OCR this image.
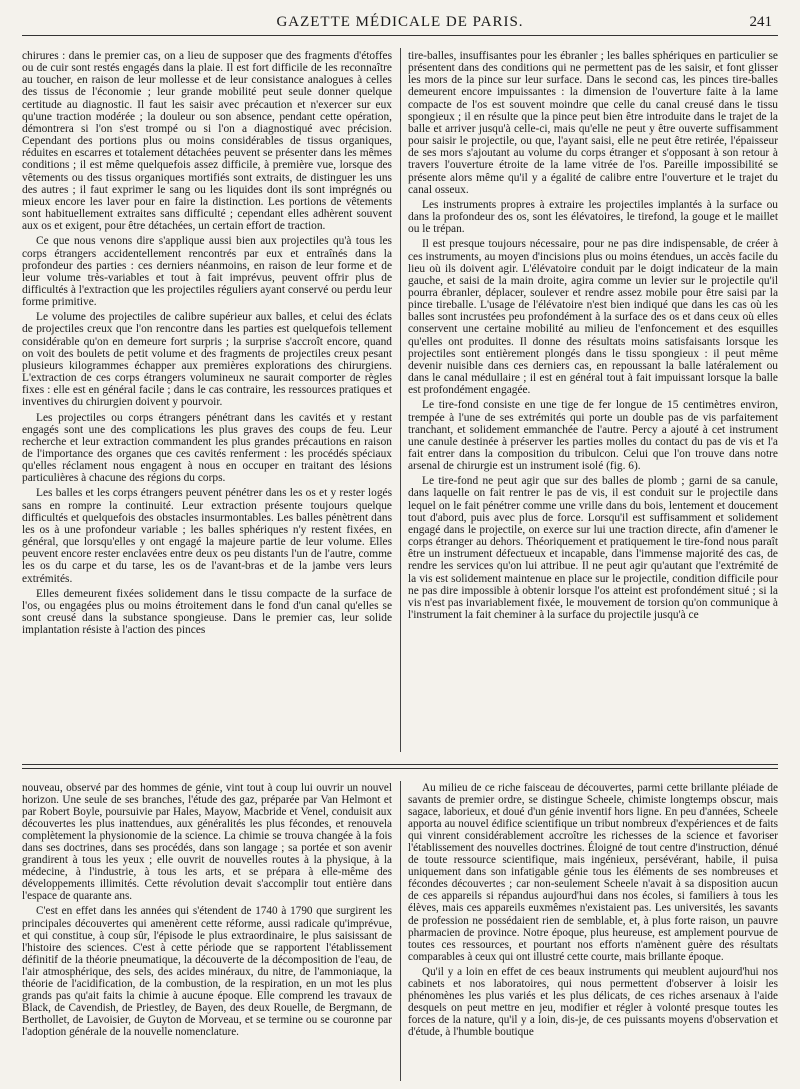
GAZETTE MÉDICALE DE PARIS.	241

chirures : dans le premier cas, on a lieu de supposer que des fragments d'étoffes ou de cuir sont restés engagés dans la plaie. Il est fort difficile de les reconnaître au toucher, en raison de leur mollesse et de leur consistance analogues à celles des tissus de l'économie ; leur grande mobilité peut seule donner quelque certitude au diagnostic. Il faut les saisir avec précaution et n'exercer sur eux qu'une traction modérée ; la douleur ou son absence, pendant cette opération, démontrera si l'on s'est trompé ou si l'on a diagnostiqué avec précision. Cependant des portions plus ou moins considérables de tissus organiques, réduites en escarres et totalement détachées peuvent se présenter dans les mêmes conditions ; il est même quelquefois assez difficile, à première vue, lorsque des vêtements ou des tissus organiques mortifiés sont extraits, de distinguer les uns des autres ; il faut exprimer le sang ou les liquides dont ils sont imprégnés ou mieux encore les laver pour en faire la distinction. Les portions de vêtements sont habituellement extraites sans difficulté ; cependant elles adhèrent souvent aux os et exigent, pour être détachées, un certain effort de traction.

Ce que nous venons dire s'applique aussi bien aux projectiles qu'à tous les corps étrangers accidentellement rencontrés par eux et entraînés dans la profondeur des parties : ces derniers néanmoins, en raison de leur forme et de leur volume très-variables et tout à fait imprévus, peuvent offrir plus de difficultés à l'extraction que les projectiles réguliers ayant conservé ou perdu leur forme primitive.

Le volume des projectiles de calibre supérieur aux balles, et celui des éclats de projectiles creux que l'on rencontre dans les parties est quelquefois tellement considérable qu'on en demeure fort surpris ; la surprise s'accroît encore, quand on voit des boulets de petit volume et des fragments de projectiles creux pesant plusieurs kilogrammes échapper aux premières explorations des chirurgiens. L'extraction de ces corps étrangers volumineux ne saurait comporter de règles fixes : elle est en général facile ; dans le cas contraire, les ressources pratiques et inventives du chirurgien doivent y pourvoir.

Les projectiles ou corps étrangers pénétrant dans les cavités et y restant engagés sont une des complications les plus graves des coups de feu. Leur recherche et leur extraction commandent les plus grandes précautions en raison de l'importance des organes que ces cavités renferment : les procédés spéciaux qu'elles réclament nous engagent à nous en occuper en traitant des lésions particulières à chacune des régions du corps.

Les balles et les corps étrangers peuvent pénétrer dans les os et y rester logés sans en rompre la continuité. Leur extraction présente toujours quelque difficultés et quelquefois des obstacles insurmontables. Les balles pénètrent dans les os à une profondeur variable ; les balles sphériques n'y restent fixées, en général, que lorsqu'elles y ont engagé la majeure partie de leur volume. Elles peuvent encore rester enclavées entre deux os peu distants l'un de l'autre, comme les os du carpe et du tarse, les os de l'avant-bras et de la jambe vers leurs extrémités.

Elles demeurent fixées solidement dans le tissu compacte de la surface de l'os, ou engagées plus ou moins étroitement dans le fond d'un canal qu'elles se sont creusé dans la substance spongieuse. Dans le premier cas, leur solide implantation résiste à l'action des pinces

tire-balles, insuffisantes pour les ébranler ; les balles sphériques en particulier se présentent dans des conditions qui ne permettent pas de les saisir, et font glisser les mors de la pince sur leur surface. Dans le second cas, les pinces tire-balles demeurent encore impuissantes : la dimension de l'ouverture faite à la lame compacte de l'os est souvent moindre que celle du canal creusé dans le tissu spongieux ; il en résulte que la pince peut bien être introduite dans le trajet de la balle et arriver jusqu'à celle-ci, mais qu'elle ne peut y être ouverte suffisamment pour saisir le projectile, ou que, l'ayant saisi, elle ne peut être retirée, l'épaisseur de ses mors s'ajoutant au volume du corps étranger et s'opposant à son retour à travers l'ouverture étroite de la lame vitrée de l'os. Pareille impossibilité se présente alors même qu'il y a égalité de calibre entre l'ouverture et le trajet du canal osseux.

Les instruments propres à extraire les projectiles implantés à la surface ou dans la profondeur des os, sont les élévatoires, le tirefond, la gouge et le maillet ou le trépan.

Il est presque toujours nécessaire, pour ne pas dire indispensable, de créer à ces instruments, au moyen d'incisions plus ou moins étendues, un accès facile du lieu où ils doivent agir. L'élévatoire conduit par le doigt indicateur de la main gauche, et saisi de la main droite, agira comme un levier sur le projectile qu'il pourra ébranler, déplacer, soulever et rendre assez mobile pour être saisi par la pince tireballe. L'usage de l'élévatoire n'est bien indiqué que dans les cas où les balles sont incrustées peu profondément à la surface des os et dans ceux où elles conservent une certaine mobilité au milieu de l'enfoncement et des esquilles qu'elles ont produites. Il donne des résultats moins satisfaisants lorsque les projectiles sont entièrement plongés dans le tissu spongieux : il peut même devenir nuisible dans ces derniers cas, en repoussant la balle latéralement ou dans le canal médullaire ; il est en général tout à fait impuissant lorsque la balle est profondément engagée.

Le tire-fond consiste en une tige de fer longue de 15 centimètres environ, trempée à l'une de ses extrémités qui porte un double pas de vis parfaitement tranchant, et solidement emmanchée de l'autre. Percy a ajouté à cet instrument une canule destinée à préserver les parties molles du contact du pas de vis et l'a fait entrer dans la composition du tribulcon. Celui que l'on trouve dans notre arsenal de chirurgie est un instrument isolé (fig. 6).

Le tire-fond ne peut agir que sur des balles de plomb ; garni de sa canule, dans laquelle on fait rentrer le pas de vis, il est conduit sur le projectile dans lequel on le fait pénétrer comme une vrille dans du bois, lentement et doucement tout d'abord, puis avec plus de force. Lorsqu'il est suffisamment et solidement engagé dans le projectile, on exerce sur lui une traction directe, afin d'amener le corps étranger au dehors. Théoriquement et pratiquement le tire-fond nous paraît être un instrument défectueux et incapable, dans l'immense majorité des cas, de rendre les services qu'on lui attribue. Il ne peut agir qu'autant que l'extrémité de la vis est solidement maintenue en place sur le projectile, condition difficile pour ne pas dire impossible à obtenir lorsque l'os atteint est profondément situé ; si la vis n'est pas invariablement fixée, le mouvement de torsion qu'on communique à l'instrument la fait cheminer à la surface du projectile jusqu'à ce

nouveau, observé par des hommes de génie, vint tout à coup lui ouvrir un nouvel horizon. Une seule de ses branches, l'étude des gaz, préparée par Van Helmont et par Robert Boyle, poursuivie par Hales, Mayow, Macbride et Venel, conduisit aux découvertes les plus inattendues, aux généralités les plus fécondes, et renouvela complètement la physionomie de la science. La chimie se trouva changée à la fois dans ses doctrines, dans ses procédés, dans son langage ; sa portée et son avenir grandirent à tous les yeux ; elle ouvrit de nouvelles routes à la physique, à la médecine, à l'industrie, à tous les arts, et se prépara à elle-même des développements illimités. Cette révolution devait s'accomplir tout entière dans l'espace de quarante ans.

C'est en effet dans les années qui s'étendent de 1740 à 1790 que surgirent les principales découvertes qui amenèrent cette réforme, aussi radicale qu'imprévue, et qui constitue, à coup sûr, l'épisode le plus extraordinaire, le plus saisissant de l'histoire des sciences. C'est à cette période que se rapportent l'établissement définitif de la théorie pneumatique, la découverte de la décomposition de l'eau, de l'air atmosphérique, des sels, des acides minéraux, du nitre, de l'ammoniaque, la théorie de l'acidification, de la combustion, de la respiration, en un mot les plus grands pas qu'ait faits la chimie à aucune époque. Elle comprend les travaux de Black, de Cavendish, de Priestley, de Bayen, des deux Rouelle, de Bergmann, de Berthollet, de Lavoisier, de Guyton de Morveau, et se termine ou se couronne par l'adoption générale de la nouvelle nomenclature.

Au milieu de ce riche faisceau de découvertes, parmi cette brillante pléiade de savants de premier ordre, se distingue Scheele, chimiste longtemps obscur, mais sagace, laborieux, et doué d'un génie inventif hors ligne. En peu d'années, Scheele apporta au nouvel édifice scientifique un tribut nombreux d'expériences et de faits qui vinrent considérablement accroître les richesses de la science et favoriser l'établissement des nouvelles doctrines. Éloigné de tout centre d'instruction, dénué de toute ressource scientifique, mais ingénieux, persévérant, habile, il puisa uniquement dans son infatigable génie tous les éléments de ses nombreuses et fécondes découvertes ; car non-seulement Scheele n'avait à sa disposition aucun de ces appareils si répandus aujourd'hui dans nos écoles, si familiers à tous les élèves, mais ces appareils euxmêmes n'existaient pas. Les universités, les savants de profession ne possédaient rien de semblable, et, à plus forte raison, un pauvre pharmacien de province. Notre époque, plus heureuse, est amplement pourvue de toutes ces ressources, et pourtant nos efforts n'amènent guère des résultats comparables à ceux qui ont illustré cette courte, mais brillante époque.

Qu'il y a loin en effet de ces beaux instruments qui meublent aujourd'hui nos cabinets et nos laboratoires, qui nous permettent d'observer à loisir les phénomènes les plus variés et les plus délicats, de ces riches arsenaux à l'aide desquels on peut mettre en jeu, modifier et régler à volonté presque toutes les forces de la nature, qu'il y a loin, dis-je, de ces puissants moyens d'observation et d'étude, à l'humble boutique
